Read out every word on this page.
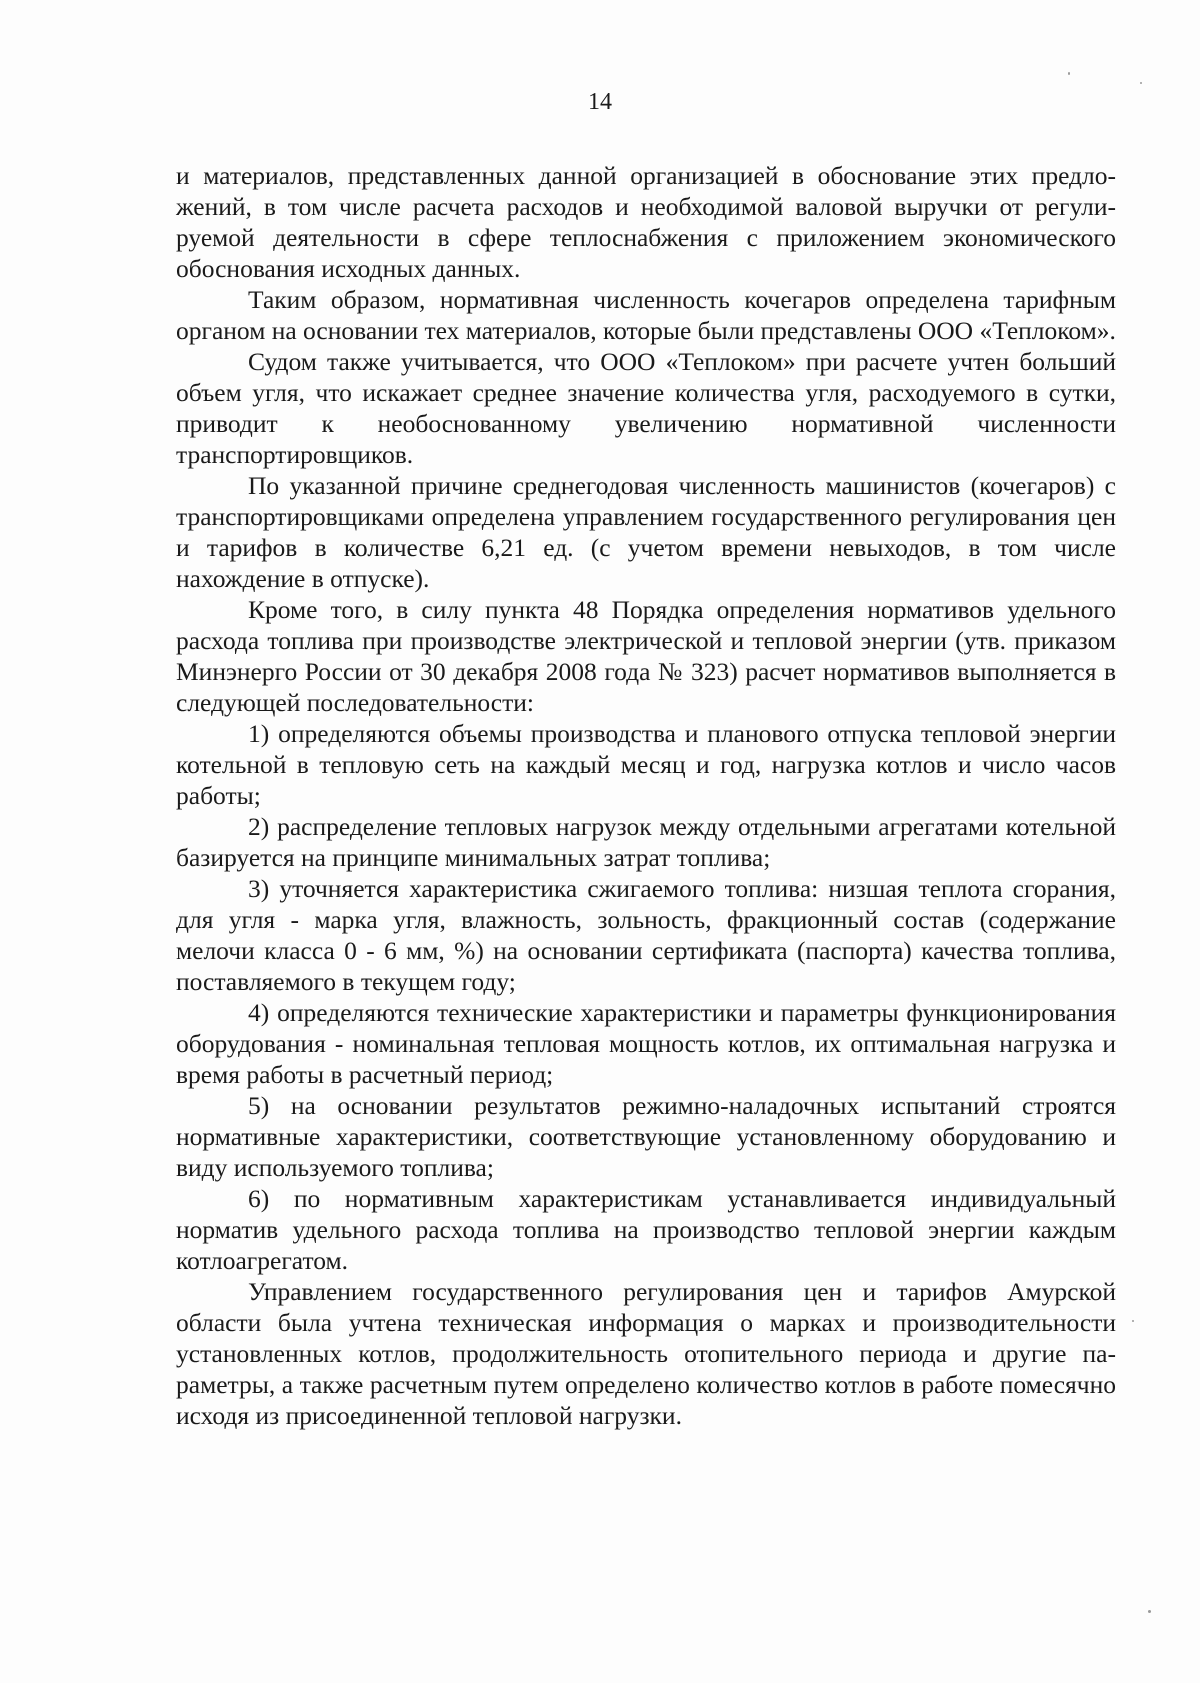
14

и материалов, представленных данной организацией в обоснование этих предложений, в том числе расчета расходов и необходимой валовой выручки от регулируемой деятельности в сфере теплоснабжения с приложением экономического обоснования исходных данных.

Таким образом, нормативная численность кочегаров определена тарифным органом на основании тех материалов, которые были представлены ООО «Теплоком».

Судом также учитывается, что ООО «Теплоком» при расчете учтен больший объем угля, что искажает среднее значение количества угля, расходуемого в сутки, приводит к необоснованному увеличению нормативной численности транспортировщиков.

По указанной причине среднегодовая численность машинистов (кочегаров) с транспортировщиками определена управлением государственного регулирования цен и тарифов в количестве 6,21 ед. (с учетом времени невыходов, в том числе нахождение в отпуске).

Кроме того, в силу пункта 48 Порядка определения нормативов удельного расхода топлива при производстве электрической и тепловой энергии (утв. приказом Минэнерго России от 30 декабря 2008 года № 323) расчет нормативов выполняется в следующей последовательности:

1) определяются объемы производства и планового отпуска тепловой энергии котельной в тепловую сеть на каждый месяц и год, нагрузка котлов и число часов работы;

2) распределение тепловых нагрузок между отдельными агрегатами котельной базируется на принципе минимальных затрат топлива;

3) уточняется характеристика сжигаемого топлива: низшая теплота сгорания, для угля - марка угля, влажность, зольность, фракционный состав (содержание мелочи класса 0 - 6 мм, %) на основании сертификата (паспорта) качества топлива, поставляемого в текущем году;

4) определяются технические характеристики и параметры функционирования оборудования - номинальная тепловая мощность котлов, их оптимальная нагрузка и время работы в расчетный период;

5) на основании результатов режимно-наладочных испытаний строятся нормативные характеристики, соответствующие установленному оборудованию и виду используемого топлива;

6) по нормативным характеристикам устанавливается индивидуальный норматив удельного расхода топлива на производство тепловой энергии каждым котлоагрегатом.

Управлением государственного регулирования цен и тарифов Амурской области была учтена техническая информация о марках и производительности установленных котлов, продолжительность отопительного периода и другие параметры, а также расчетным путем определено количество котлов в работе помесячно исходя из присоединенной тепловой нагрузки.
